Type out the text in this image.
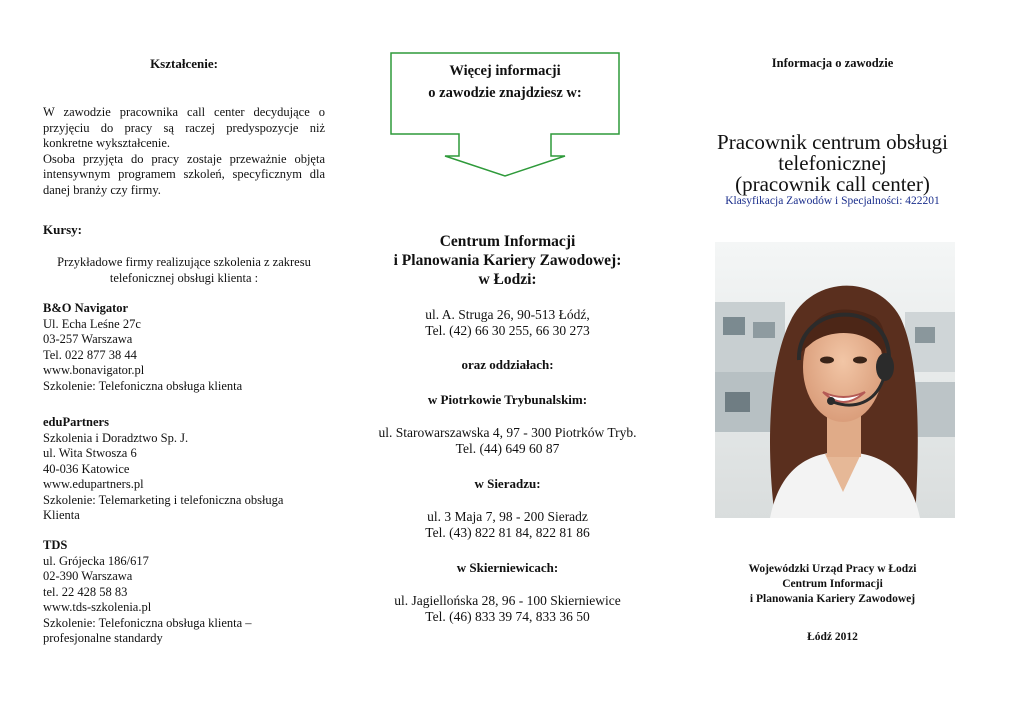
Kształcenie:

W zawodzie pracownika call center decydujące o przyjęciu do pracy są raczej predyspozycje niż konkretne wykształcenie.
Osoba przyjęta do pracy zostaje przeważnie objęta intensywnym programem szkoleń, specyficznym dla danej branży czy firmy.

Kursy:

Przykładowe firmy realizujące szkolenia z zakresu telefonicznej obsługi klienta :

B&O Navigator
Ul. Echa Leśne 27c
03-257 Warszawa
Tel. 022 877 38 44
www.bonavigator.pl
Szkolenie: Telefoniczna obsługa klienta
eduPartners
Szkolenia i Doradztwo Sp. J.
ul. Wita Stwosza 6
40-036 Katowice
www.edupartners.pl
Szkolenie: Telemarketing i telefoniczna obsługa
Klienta
TDS
ul. Grójecka 186/617
02-390 Warszawa
tel. 22 428 58 83
www.tds-szkolenia.pl
Szkolenie: Telefoniczna obsługa klienta –
profesjonalne standardy
Więcej informacji
o zawodzie znajdziesz w:
Centrum Informacji
i Planowania Kariery Zawodowej:
w Łodzi:
ul. A. Struga 26, 90-513 Łódź,
Tel. (42) 66 30 255, 66 30 273
oraz oddziałach:
w Piotrkowie Trybunalskim:
ul. Starowarszawska 4, 97 - 300 Piotrków Tryb.
Tel. (44) 649 60 87
w Sieradzu:
ul. 3 Maja 7, 98 - 200 Sieradz
Tel. (43) 822 81 84, 822 81 86
w Skierniewicach:
ul. Jagiellońska 28, 96 - 100 Skierniewice
Tel. (46) 833 39 74, 833 36 50
Informacja o zawodzie
Pracownik centrum obsługi
telefonicznej
(pracownik call center)
Klasyfikacja Zawodów i Specjalności: 422201
Wojewódzki Urząd Pracy w Łodzi
Centrum Informacji
i Planowania Kariery Zawodowej
Łódź 2012
